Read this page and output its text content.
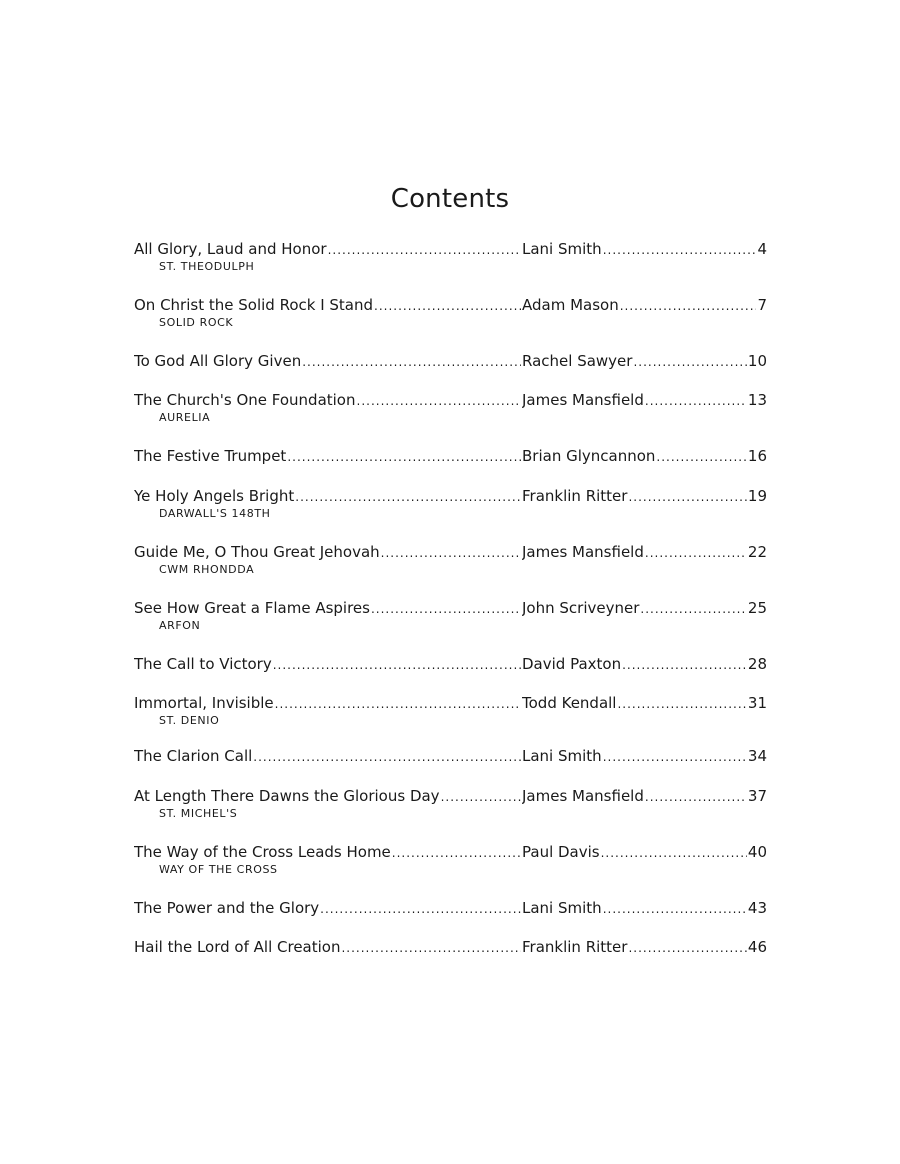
Contents
All Glory, Laud and Honor .....	Lani Smith .....	4
ST. THEODULPH
On Christ the Solid Rock I Stand .....	Adam Mason .....	7
SOLID ROCK
To God All Glory Given .....	Rachel Sawyer .....	10
The Church's One Foundation .....	James Mansfield .....	13
AURELIA
The Festive Trumpet .....	Brian Glyncannon .....	16
Ye Holy Angels Bright .....	Franklin Ritter .....	19
DARWALL'S 148TH
Guide Me, O Thou Great Jehovah .....	James Mansfield .....	22
CWM RHONDDA
See How Great a Flame Aspires .....	John Scriveyner .....	25
ARFON
The Call to Victory .....	David Paxton .....	28
Immortal, Invisible .....	Todd Kendall .....	31
ST. DENIO
The Clarion Call .....	Lani Smith .....	34
At Length There Dawns the Glorious Day .....	James Mansfield .....	37
ST. MICHEL'S
The Way of the Cross Leads Home .....	Paul Davis .....	40
WAY OF THE CROSS
The Power and the Glory .....	Lani Smith .....	43
Hail the Lord of All Creation .....	Franklin Ritter .....	46
